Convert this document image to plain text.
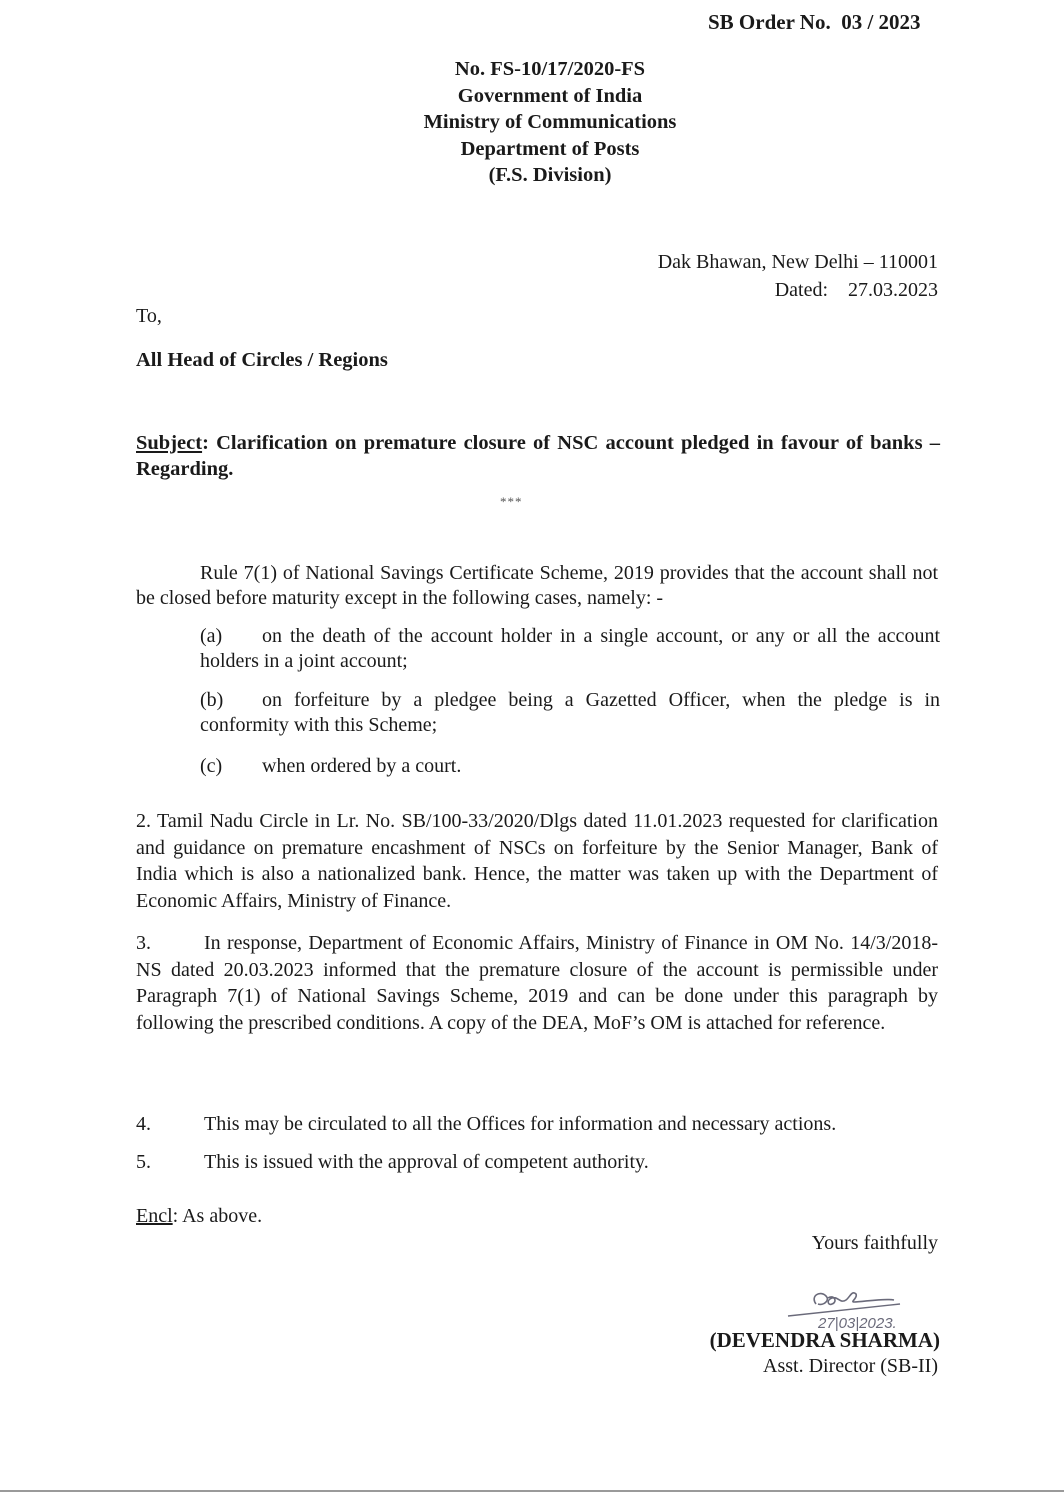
SB Order No.  03 / 2023
No. FS-10/17/2020-FS
Government of India
Ministry of Communications
Department of Posts
(F.S. Division)
Dak Bhawan, New Delhi – 110001
Dated:    27.03.2023
To,
All Head of Circles / Regions
Subject: Clarification on premature closure of NSC account pledged in favour of banks – Regarding.
***
Rule 7(1) of National Savings Certificate Scheme, 2019 provides that the account shall not be closed before maturity except in the following cases, namely: -
(a) on the death of the account holder in a single account, or any or all the account holders in a joint account;
(b) on forfeiture by a pledgee being a Gazetted Officer, when the pledge is in conformity with this Scheme;
(c) when ordered by a court.
2. Tamil Nadu Circle in Lr. No. SB/100-33/2020/Dlgs dated 11.01.2023 requested for clarification and guidance on premature encashment of NSCs on forfeiture by the Senior Manager, Bank of India which is also a nationalized bank. Hence, the matter was taken up with the Department of Economic Affairs, Ministry of Finance.
3.	In response, Department of Economic Affairs, Ministry of Finance in OM No. 14/3/2018-NS dated 20.03.2023 informed that the premature closure of the account is permissible under Paragraph 7(1) of National Savings Scheme, 2019 and can be done under this paragraph by following the prescribed conditions. A copy of the DEA, MoF’s OM is attached for reference.
4.	This may be circulated to all the Offices for information and necessary actions.
5.	This is issued with the approval of competent authority.
Encl: As above.
Yours faithfully
27|03|2023.
(DEVENDRA SHARMA)
Asst. Director (SB-II)
